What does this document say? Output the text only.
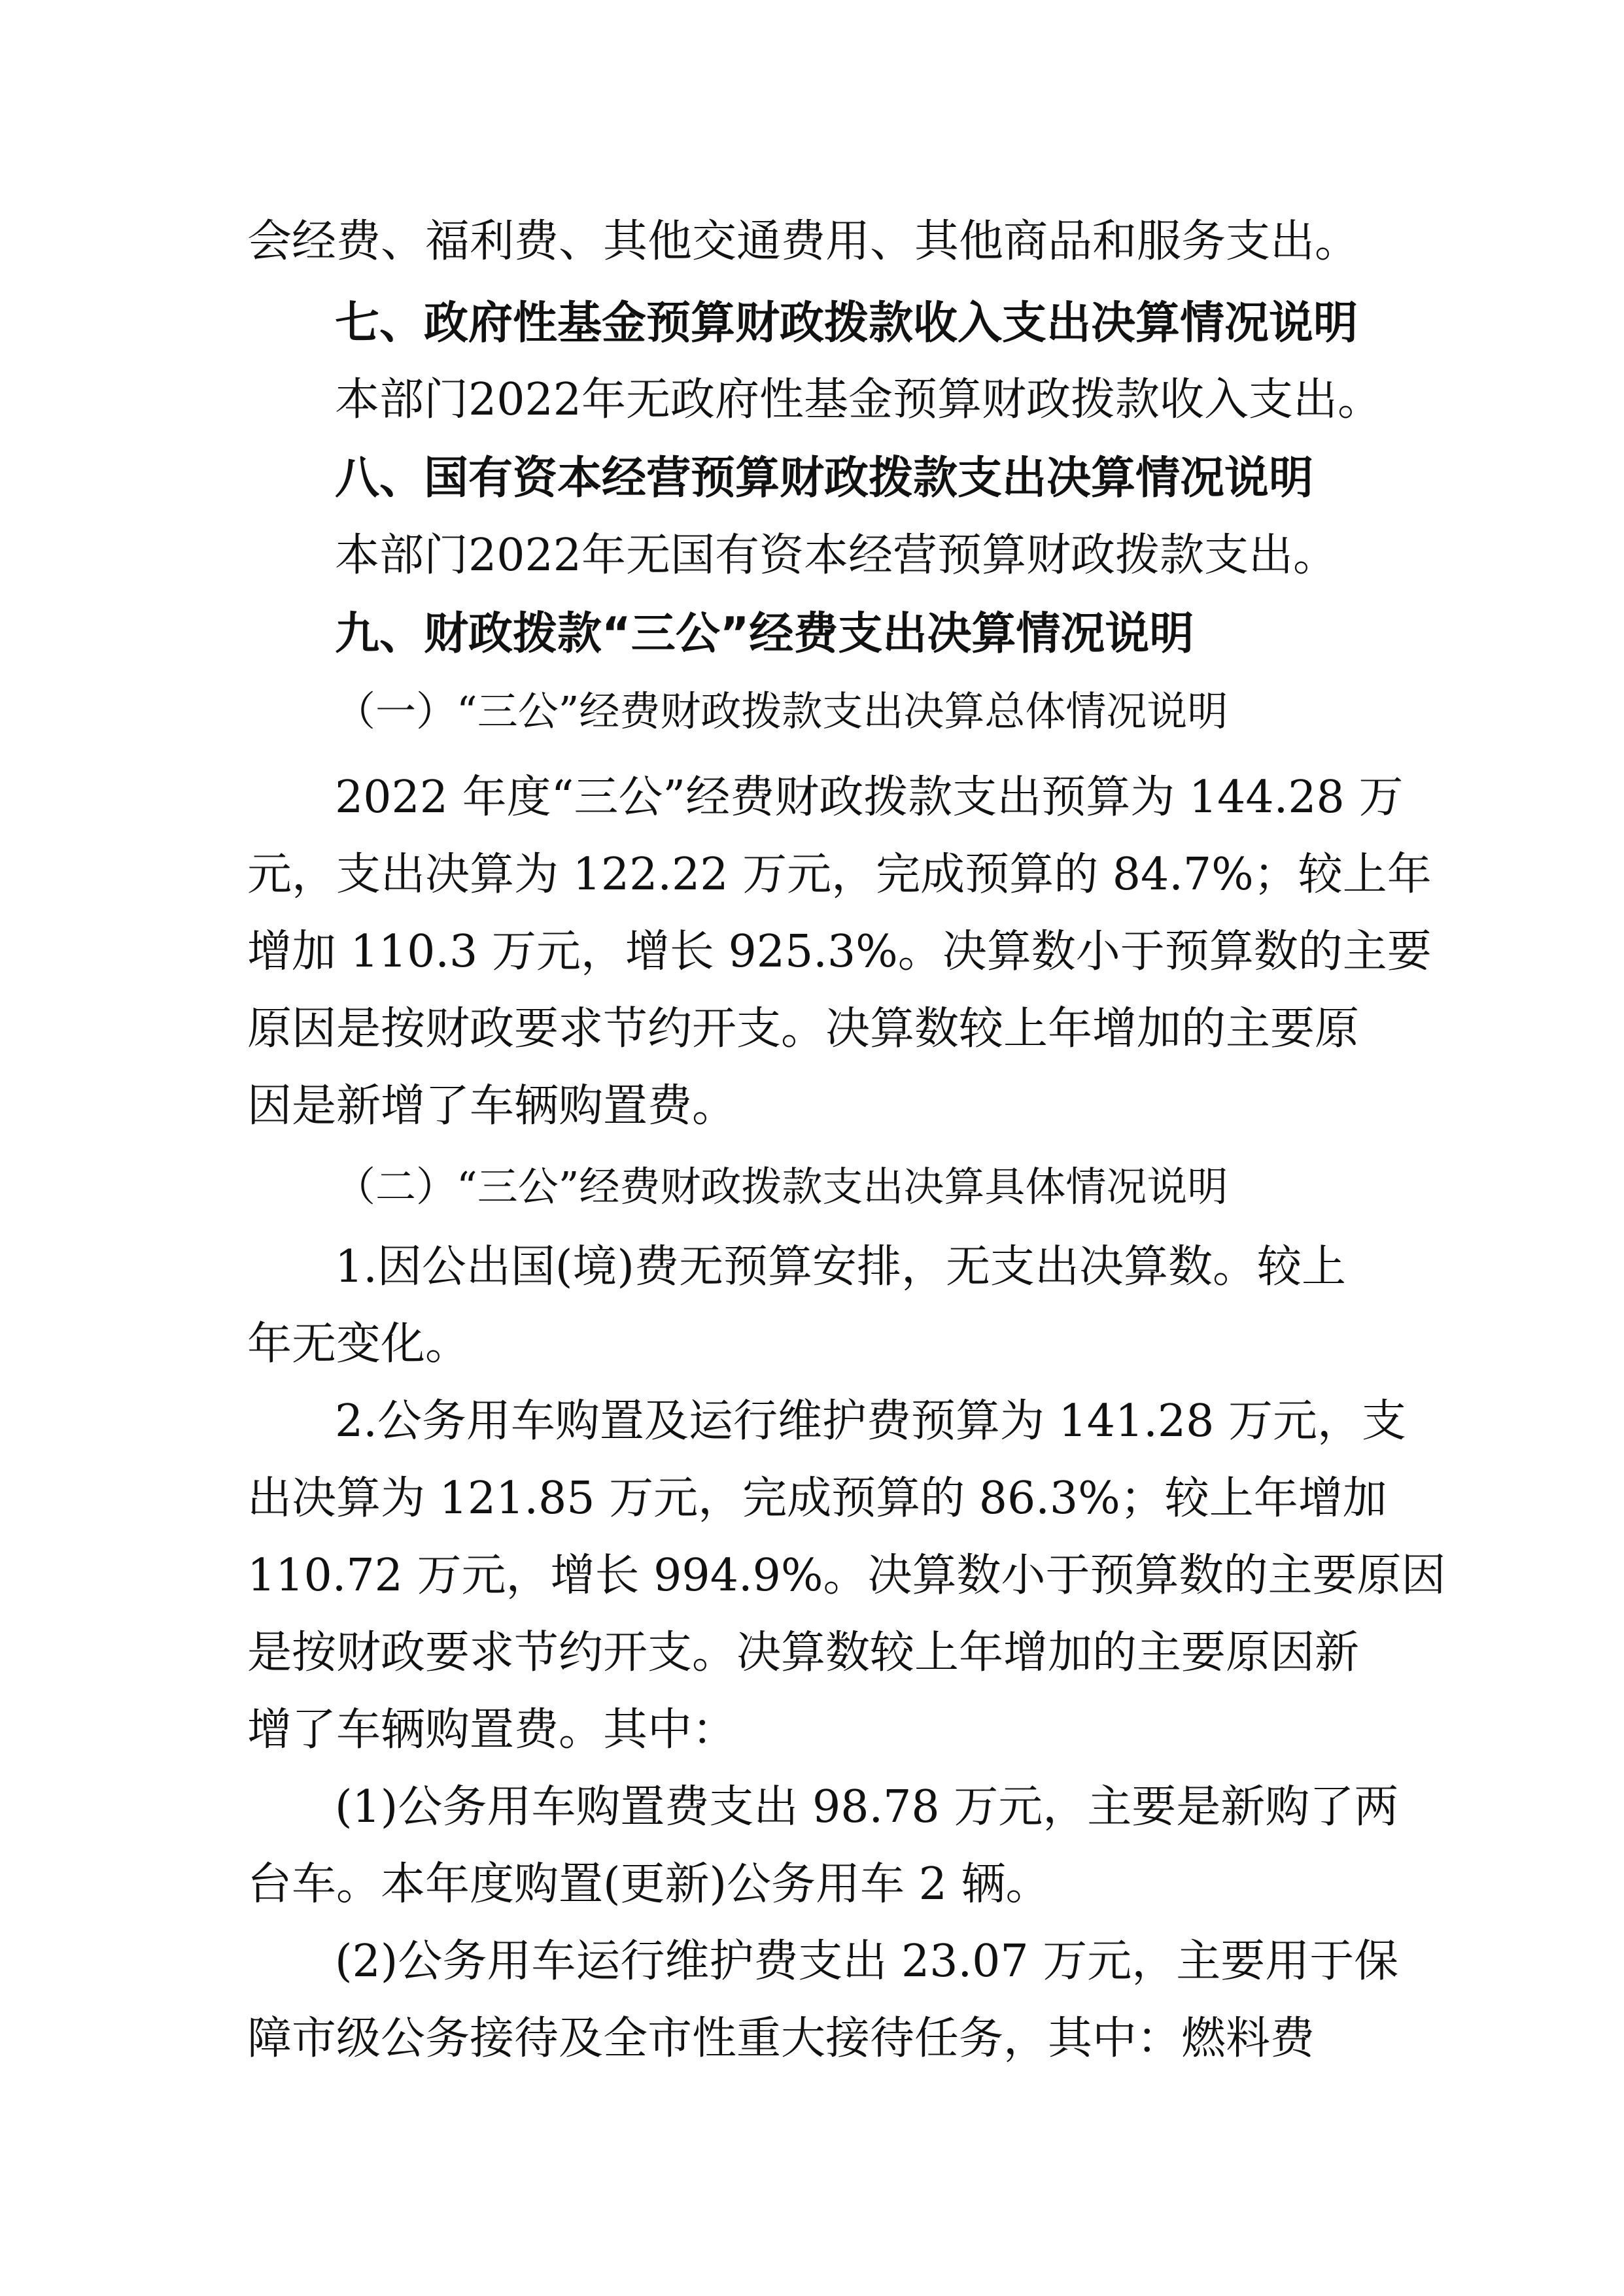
会经费、福利费、其他交通费用、其他商品和服务支出。
七、政府性基金预算财政拨款收入支出决算情况说明
本部门2022年无政府性基金预算财政拨款收入支出。
八、国有资本经营预算财政拨款支出决算情况说明
本部门2022年无国有资本经营预算财政拨款支出。
九、财政拨款“三公”经费支出决算情况说明
（一）“三公”经费财政拨款支出决算总体情况说明
2022 年度“三公”经费财政拨款支出预算为 144.28 万
元，支出决算为 122.22 万元，完成预算的 84.7%；较上年
增加 110.3 万元，增长 925.3%。决算数小于预算数的主要
原因是按财政要求节约开支。决算数较上年增加的主要原
因是新增了车辆购置费。
（二）“三公”经费财政拨款支出决算具体情况说明
1.因公出国(境)费无预算安排，无支出决算数。较上
年无变化。
2.公务用车购置及运行维护费预算为 141.28 万元，支
出决算为 121.85 万元，完成预算的 86.3%；较上年增加
110.72 万元，增长 994.9%。决算数小于预算数的主要原因
是按财政要求节约开支。决算数较上年增加的主要原因新
增了车辆购置费。其中：
(1)公务用车购置费支出 98.78 万元，主要是新购了两
台车。本年度购置(更新)公务用车 2 辆。
(2)公务用车运行维护费支出 23.07 万元，主要用于保
障市级公务接待及全市性重大接待任务，其中：燃料费
